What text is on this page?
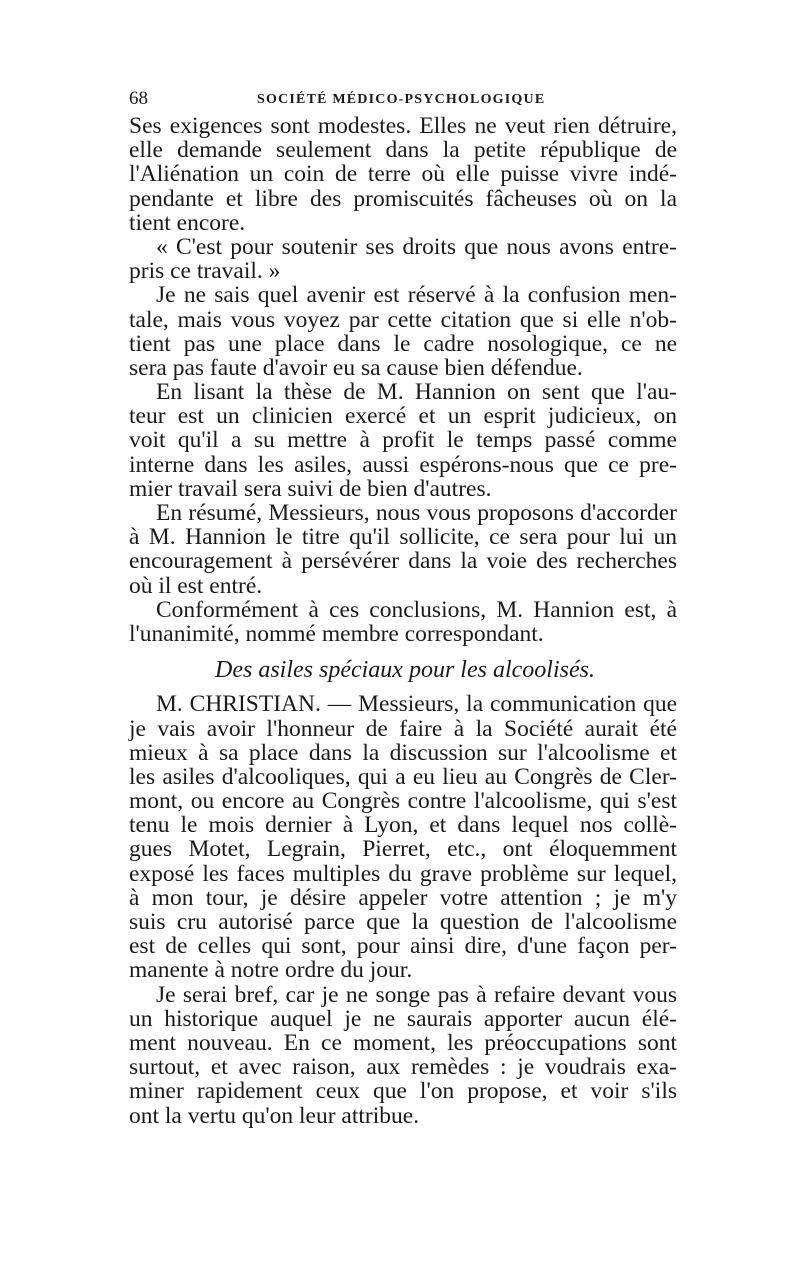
68	SOCIÉTÉ MÉDICO-PSYCHOLOGIQUE
Ses exigences sont modestes. Elles ne veut rien détruire,
elle demande seulement dans la petite république de
l'Aliénation un coin de terre où elle puisse vivre indé-
pendante et libre des promiscuités fâcheuses où on la
tient encore.
« C'est pour soutenir ses droits que nous avons entre-
pris ce travail. »
Je ne sais quel avenir est réservé à la confusion men-
tale, mais vous voyez par cette citation que si elle n'ob-
tient pas une place dans le cadre nosologique, ce ne
sera pas faute d'avoir eu sa cause bien défendue.
En lisant la thèse de M. Hannion on sent que l'au-
teur est un clinicien exercé et un esprit judicieux, on
voit qu'il a su mettre à profit le temps passé comme
interne dans les asiles, aussi espérons-nous que ce pre-
mier travail sera suivi de bien d'autres.
En résumé, Messieurs, nous vous proposons d'accorder
à M. Hannion le titre qu'il sollicite, ce sera pour lui un
encouragement à persévérer dans la voie des recherches
où il est entré.
Conformément à ces conclusions, M. Hannion est, à
l'unanimité, nommé membre correspondant.
Des asiles spéciaux pour les alcoolisés.
M. CHRISTIAN. — Messieurs, la communication que
je vais avoir l'honneur de faire à la Société aurait été
mieux à sa place dans la discussion sur l'alcoolisme et
les asiles d'alcooliques, qui a eu lieu au Congrès de Cler-
mont, ou encore au Congrès contre l'alcoolisme, qui s'est
tenu le mois dernier à Lyon, et dans lequel nos collè-
gues Motet, Legrain, Pierret, etc., ont éloquemment
exposé les faces multiples du grave problème sur lequel,
à mon tour, je désire appeler votre attention ; je m'y
suis cru autorisé parce que la question de l'alcoolisme
est de celles qui sont, pour ainsi dire, d'une façon per-
manente à notre ordre du jour.
Je serai bref, car je ne songe pas à refaire devant vous
un historique auquel je ne saurais apporter aucun élé-
ment nouveau. En ce moment, les préoccupations sont
surtout, et avec raison, aux remèdes : je voudrais exa-
miner rapidement ceux que l'on propose, et voir s'ils
ont la vertu qu'on leur attribue.
